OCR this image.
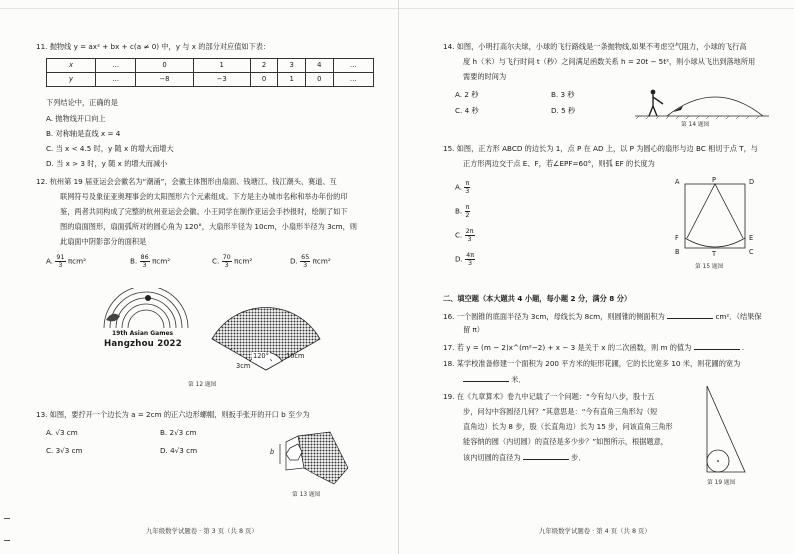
11. 抛物线 y = ax² + bx + c(a ≠ 0) 中，y 与 x 的部分对应值如下表：
x	…	0	1	2	3	4	…
y	…	−8	−3	0	1	0	…
下列结论中，正确的是
A. 抛物线开口向上
B. 对称轴是直线 x = 4
C. 当 x < 4.5 时，y 随 x 的增大而增大
D. 当 x > 3 时，y 随 x 的增大而减小
12. 杭州第 19 届亚运会会徽名为“潮涌”，会徽主体图形由扇面、钱塘江、钱江潮头、赛道、互
联网符号及象征亚奥理事会的太阳图形六个元素组成。下方是主办城市名称和举办年份的印
鉴，两者共同构成了完整的杭州亚运会会徽。小王同学在制作亚运会手抄报时，绘制了如下
图的扇面图形，扇面弧所对的圆心角为 120°，大扇形半径为 10cm，小扇形半径为 3cm，则
此扇面中阴影部分的面积是
A. $\frac{91}{3} \pi cm^2$	B. $\frac{86}{3} \pi cm^2$	C. $\frac{70}{3} \pi cm^2$	D. $\frac{65}{3} \pi cm^2$
19th Asian Games
Hangzhou 2022
120°	10cm
3cm
第 12 题图
13. 如图，要拧开一个边长为 a = 2cm 的正六边形螺帽，则扳手张开的开口 b 至少为
A. √3 cm	B. 2√3 cm
C. 3√3 cm	D. 4√3 cm	b
第 13 题图
九年级数学试题卷 · 第 3 页（共 8 页）
14. 如图，小明打高尔夫球，小球的飞行路线是一条抛物线,如果不考虑空气阻力，小球的飞行高
度 h（米）与飞行时间 t（秒）之间满足函数关系 h = 20t − 5t²，则小球从飞出到落地所用
需要的时间为
A. 2 秒	B. 3 秒
C. 4 秒	D. 5 秒
第 14 题图
15. 如图，正方形 ABCD 的边长为 1，点 P 在 AD 上，以 P 为圆心的扇形与边 BC 相切于点 T，与
正方形两边交于点 E、F，若∠EPF=60°，则弧 EF 的长度为
A. $\frac{\pi}{3}$
B. $\frac{\pi}{2}$
C. $\frac{2\pi}{3}$
D. $\frac{4\pi}{3}$
A	P	D
E
F
B	T	C
第 15 题图
二、填空题（本大题共 4 小题，每小题 2 分，满分 8 分）
16. 一个圆锥的底面半径为 3cm，母线长为 8cm，则圆锥的侧面积为	cm²．（结果保
留 π）
17. 若 y = (m − 2)x^(m²−2) + x − 3 是关于 x 的二次函数，则 m 的值为	.
18. 某学校准备修建一个面积为 200 平方米的矩形花圃，它的长比宽多 10 米，则花圃的宽为
米．
19. 在《九章算术》卷九中记载了一个问题：“今有勾八步，股十五
步，问勾中容圆径几何？”其意思是：“今有直角三角形勾（短
直角边）长为 8 步，股（长直角边）长为 15 步，问该直角三角形
能容纳的圆（内切圆）的直径是多少步？”如图所示，根据题意，
该内切圆的直径为	步．
第 19 题图
九年级数学试题卷 · 第 4 页（共 8 页）
